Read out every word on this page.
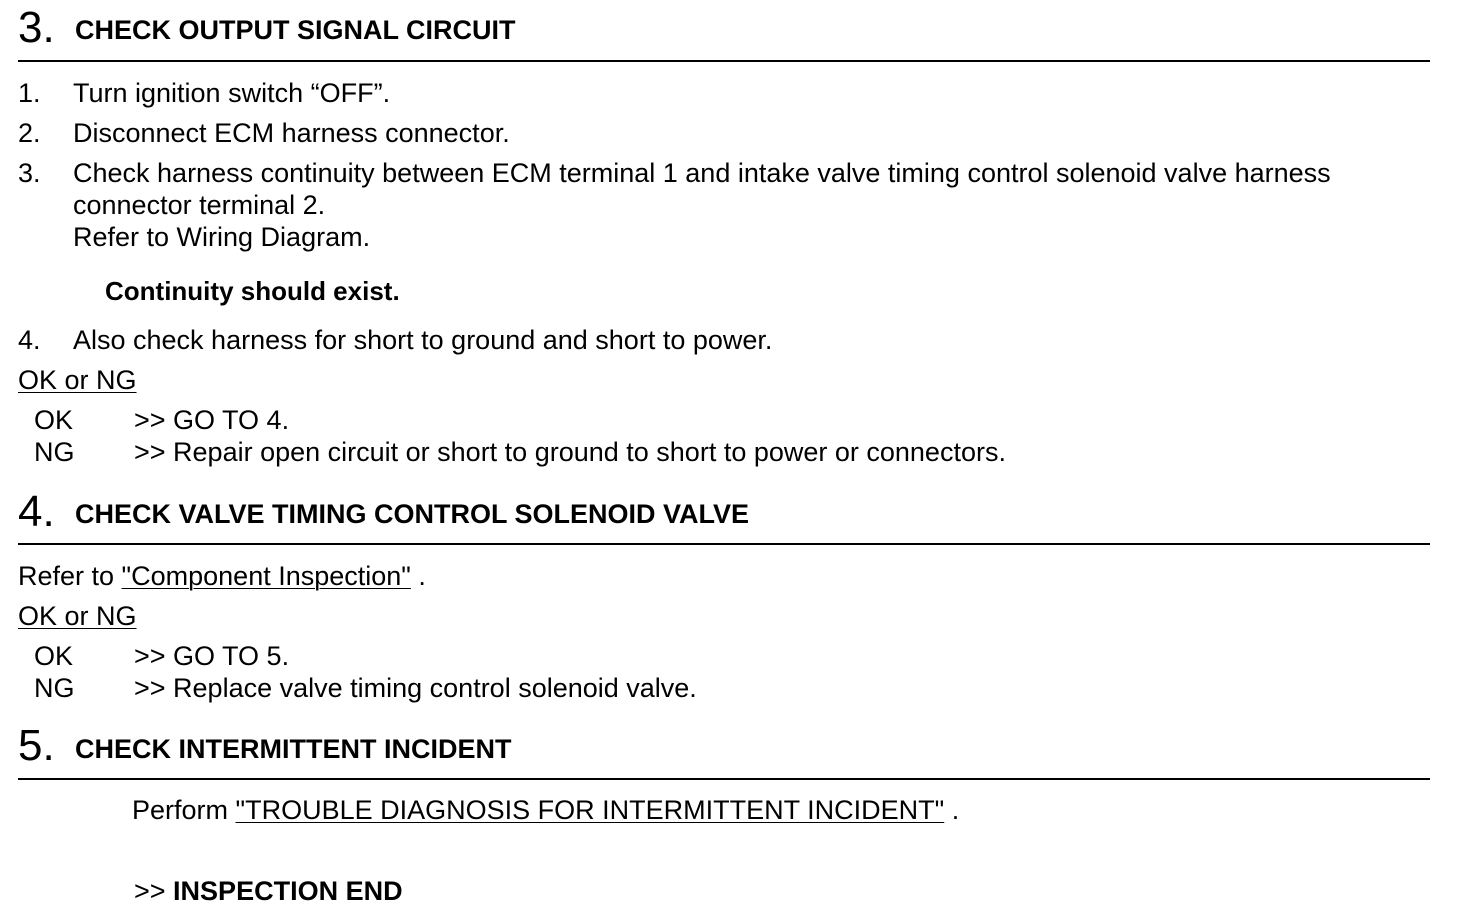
3. CHECK OUTPUT SIGNAL CIRCUIT
1. Turn ignition switch “OFF”.
2. Disconnect ECM harness connector.
3. Check harness continuity between ECM terminal 1 and intake valve timing control solenoid valve harness
connector terminal 2.
Refer to Wiring Diagram.
Continuity should exist.
4. Also check harness for short to ground and short to power.
OK or NG
OK >> GO TO 4.
NG >> Repair open circuit or short to ground to short to power or connectors.
4. CHECK VALVE TIMING CONTROL SOLENOID VALVE
Refer to "Component Inspection" .
OK or NG
OK >> GO TO 5.
NG >> Replace valve timing control solenoid valve.
5. CHECK INTERMITTENT INCIDENT
Perform "TROUBLE DIAGNOSIS FOR INTERMITTENT INCIDENT" .
>> INSPECTION END
